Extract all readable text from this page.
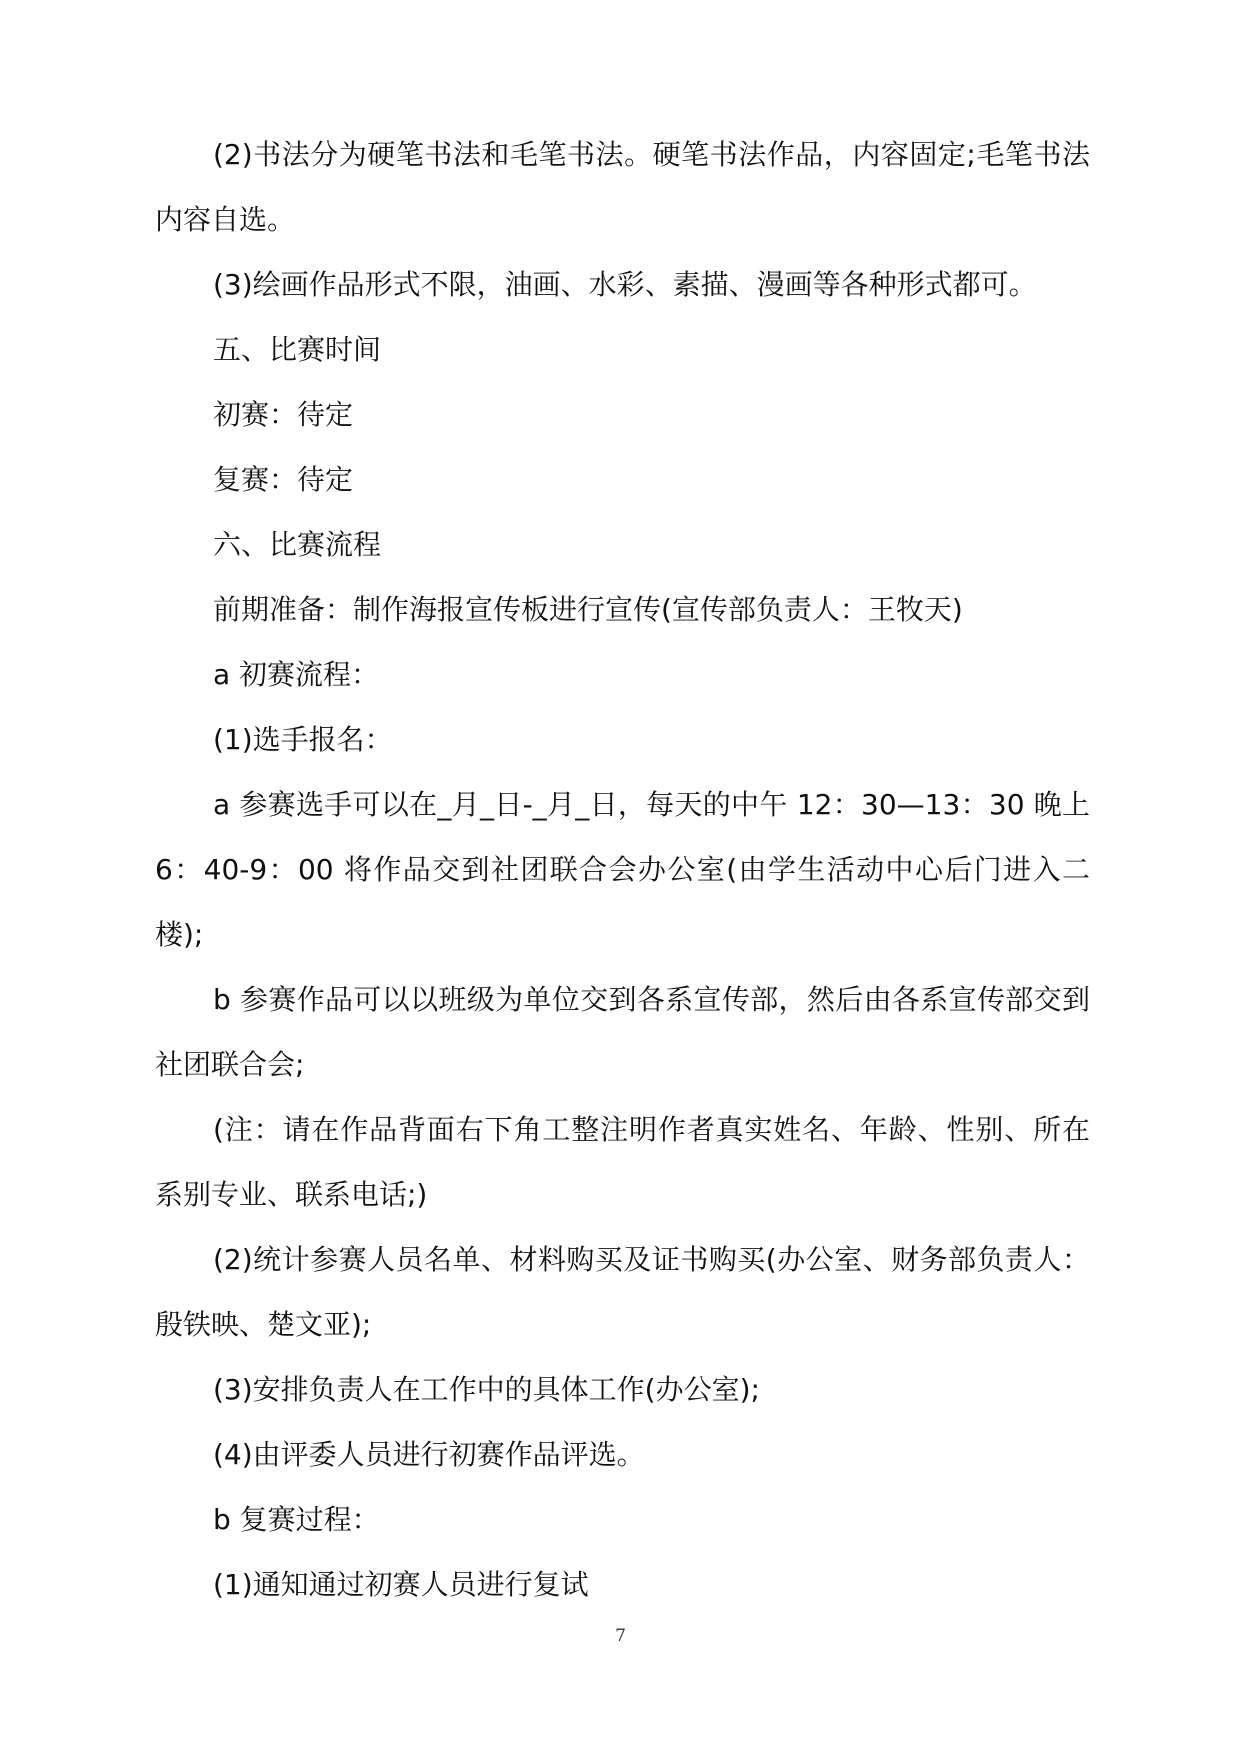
(2)书法分为硬笔书法和毛笔书法。硬笔书法作品，内容固定;毛笔书法内容自选。

(3)绘画作品形式不限，油画、水彩、素描、漫画等各种形式都可。

五、比赛时间

初赛：待定

复赛：待定

六、比赛流程

前期准备：制作海报宣传板进行宣传(宣传部负责人：王牧天)

a 初赛流程：

(1)选手报名：

a 参赛选手可以在_月_日-_月_日，每天的中午 12：30—13：30 晚上 6：40-9：00 将作品交到社团联合会办公室(由学生活动中心后门进入二楼);

b 参赛作品可以以班级为单位交到各系宣传部，然后由各系宣传部交到社团联合会;

(注：请在作品背面右下角工整注明作者真实姓名、年龄、性别、所在系别专业、联系电话;)

(2)统计参赛人员名单、材料购买及证书购买(办公室、财务部负责人：殷铁映、楚文亚);

(3)安排负责人在工作中的具体工作(办公室);

(4)由评委人员进行初赛作品评选。

b 复赛过程：

(1)通知通过初赛人员进行复试

7
